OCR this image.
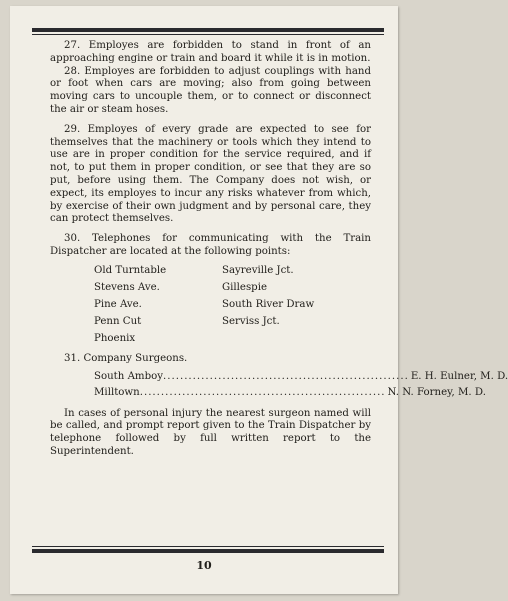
27. Employes are forbidden to stand in front of an approaching engine or train and board it while it is in motion.

28. Employes are forbidden to adjust couplings with hand or foot when cars are moving; also from going between moving cars to uncouple them, or to connect or disconnect the air or steam hoses.

29. Employes of every grade are expected to see for themselves that the machinery or tools which they intend to use are in proper condition for the service required, and if not, to put them in proper condition, or see that they are so put, before using them. The Company does not wish, or expect, its employes to incur any risks whatever from which, by exercise of their own judgment and by personal care, they can protect themselves.

30. Telephones for communicating with the Train Dispatcher are located at the following points:

Old Turntable	Sayreville Jct.
Stevens Ave.	Gillespie
Pine Ave.	South River Draw
Penn Cut	Serviss Jct.
Phoenix

31. Company Surgeons.

South Amboy .......................................................... E. H. Eulner, M. D.
Milltown .......................................................... N. N. Forney, M. D.

In cases of personal injury the nearest surgeon named will be called, and prompt report given to the Train Dispatcher by telephone followed by full written report to the Superintendent.

10
